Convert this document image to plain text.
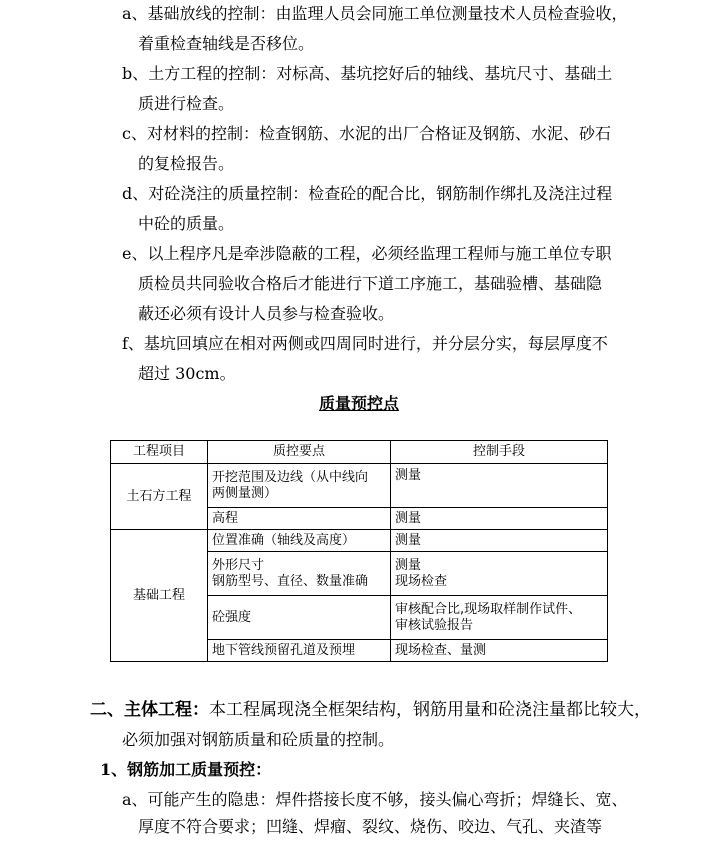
a、基础放线的控制：由监理人员会同施工单位测量技术人员检查验收，
着重检查轴线是否移位。
b、土方工程的控制：对标高、基坑挖好后的轴线、基坑尺寸、基础土
质进行检查。
c、对材料的控制：检查钢筋、水泥的出厂合格证及钢筋、水泥、砂石
的复检报告。
d、对砼浇注的质量控制：检查砼的配合比，钢筋制作绑扎及浇注过程
中砼的质量。
e、以上程序凡是牵涉隐蔽的工程，必须经监理工程师与施工单位专职
质检员共同验收合格后才能进行下道工序施工，基础验槽、基础隐
蔽还必须有设计人员参与检查验收。
f、基坑回填应在相对两侧或四周同时进行，并分层分实，每层厚度不
超过 30cm。
质量预控点
工程项目	质控要点	控制手段
土石方工程	开挖范围及边线（从中线向
两侧量测）	测量
	高程	测量
基础工程	位置准确（轴线及高度）	测量

	外形尺寸
钢筋型号、直径、数量准确	测量
现场检查

	砼强度	审核配合比,现场取样制作试件、
审核试验报告

	地下管线预留孔道及预埋	现场检查、量测
二、主体工程：本工程属现浇全框架结构，钢筋用量和砼浇注量都比较大，
必须加强对钢筋质量和砼质量的控制。
1、钢筋加工质量预控：
a、可能产生的隐患：焊件搭接长度不够，接头偏心弯折；焊缝长、宽、
厚度不符合要求；凹缝、焊瘤、裂纹、烧伤、咬边、气孔、夹渣等
